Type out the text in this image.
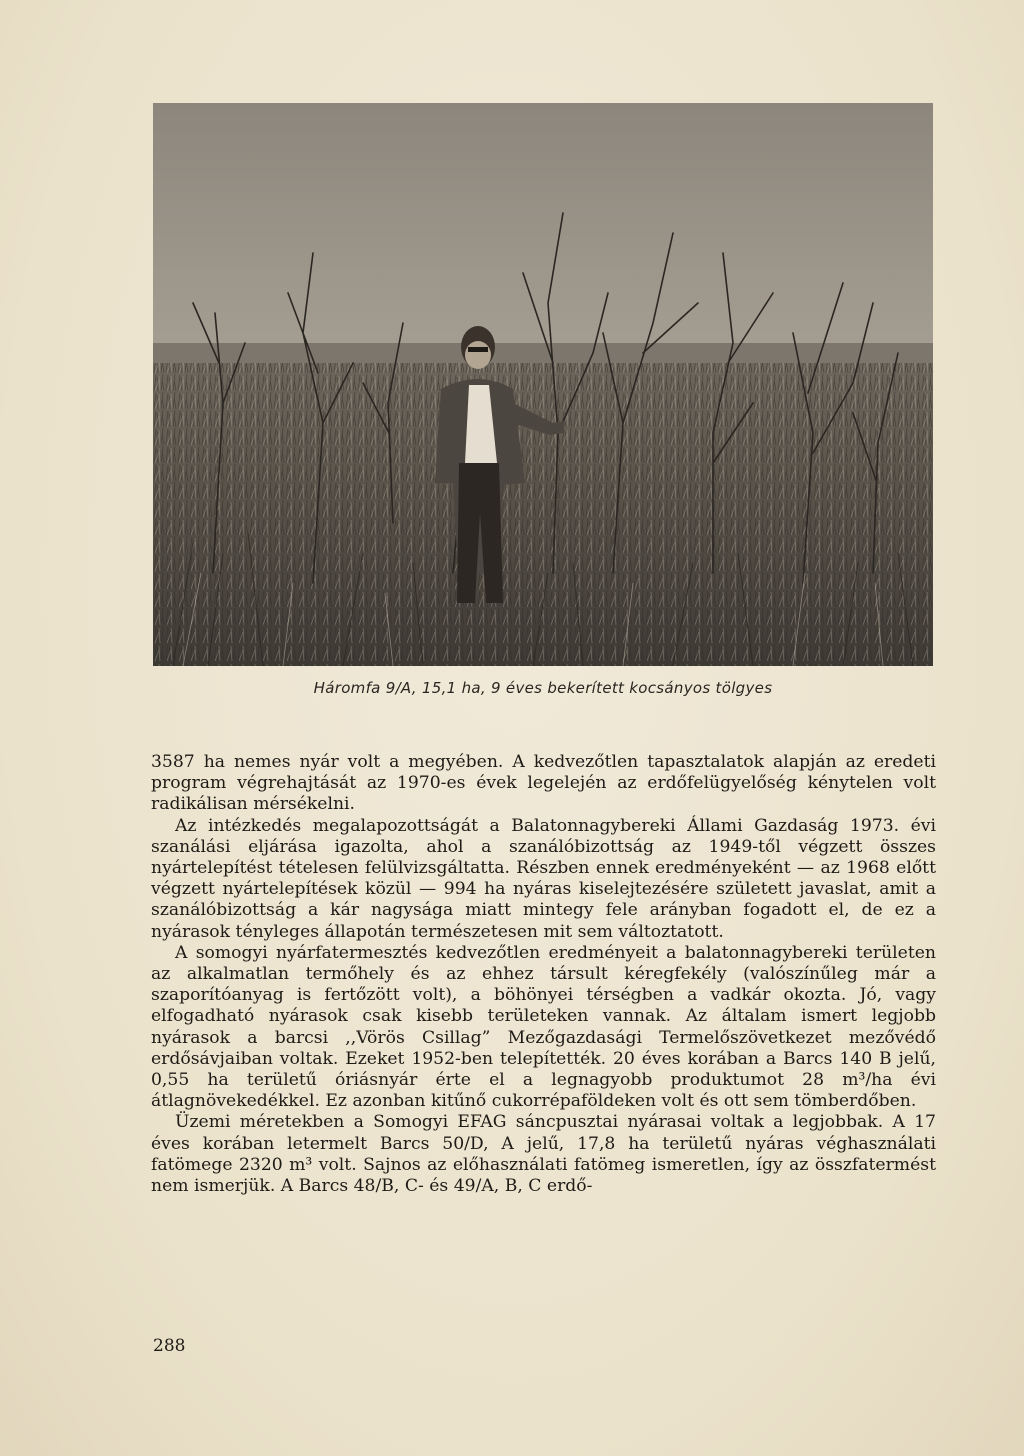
Háromfa 9/A, 15,1 ha, 9 éves bekerített kocsányos tölgyes

3587 ha nemes nyár volt a megyében. A kedvezőtlen tapasztalatok alapján az eredeti program végrehajtását az 1970-es évek legelején az erdőfelügyelőség kénytelen volt radikálisan mérsékelni.

Az intézkedés megalapozottságát a Balatonnagybereki Állami Gazdaság 1973. évi szanálási eljárása igazolta, ahol a szanálóbizottság az 1949-től végzett összes nyártelepítést tételesen felülvizsgáltatta. Részben ennek eredményeként — az 1968 előtt végzett nyártelepítések közül — 994 ha nyáras kiselejtezésére született javaslat, amit a szanálóbizottság a kár nagysága miatt mintegy fele arányban fogadott el, de ez a nyárasok tényleges állapotán természetesen mit sem változtatott.

A somogyi nyárfatermesztés kedvezőtlen eredményeit a balatonnagybereki területen az alkalmatlan termőhely és az ehhez társult kéregfekély (valószínűleg már a szaporítóanyag is fertőzött volt), a böhönyei térségben a vadkár okozta. Jó, vagy elfogadható nyárasok csak kisebb területeken vannak. Az általam ismert legjobb nyárasok a barcsi ,,Vörös Csillag” Mezőgazdasági Termelőszövetkezet mezővédő erdősávjaiban voltak. Ezeket 1952-ben telepítették. 20 éves korában a Barcs 140 B jelű, 0,55 ha területű óriásnyár érte el a legnagyobb produktumot 28 m³/ha évi átlagnövekedékkel. Ez azonban kitűnő cukorrépaföldeken volt és ott sem tömberdőben.

Üzemi méretekben a Somogyi EFAG sáncpusztai nyárasai voltak a legjobbak. A 17 éves korában letermelt Barcs 50/D, A jelű, 17,8 ha területű nyáras véghasználati fatömege 2320 m³ volt. Sajnos az előhasználati fatömeg ismeretlen, így az összfatermést nem ismerjük. A Barcs 48/B, C- és 49/A, B, C erdő-

288
